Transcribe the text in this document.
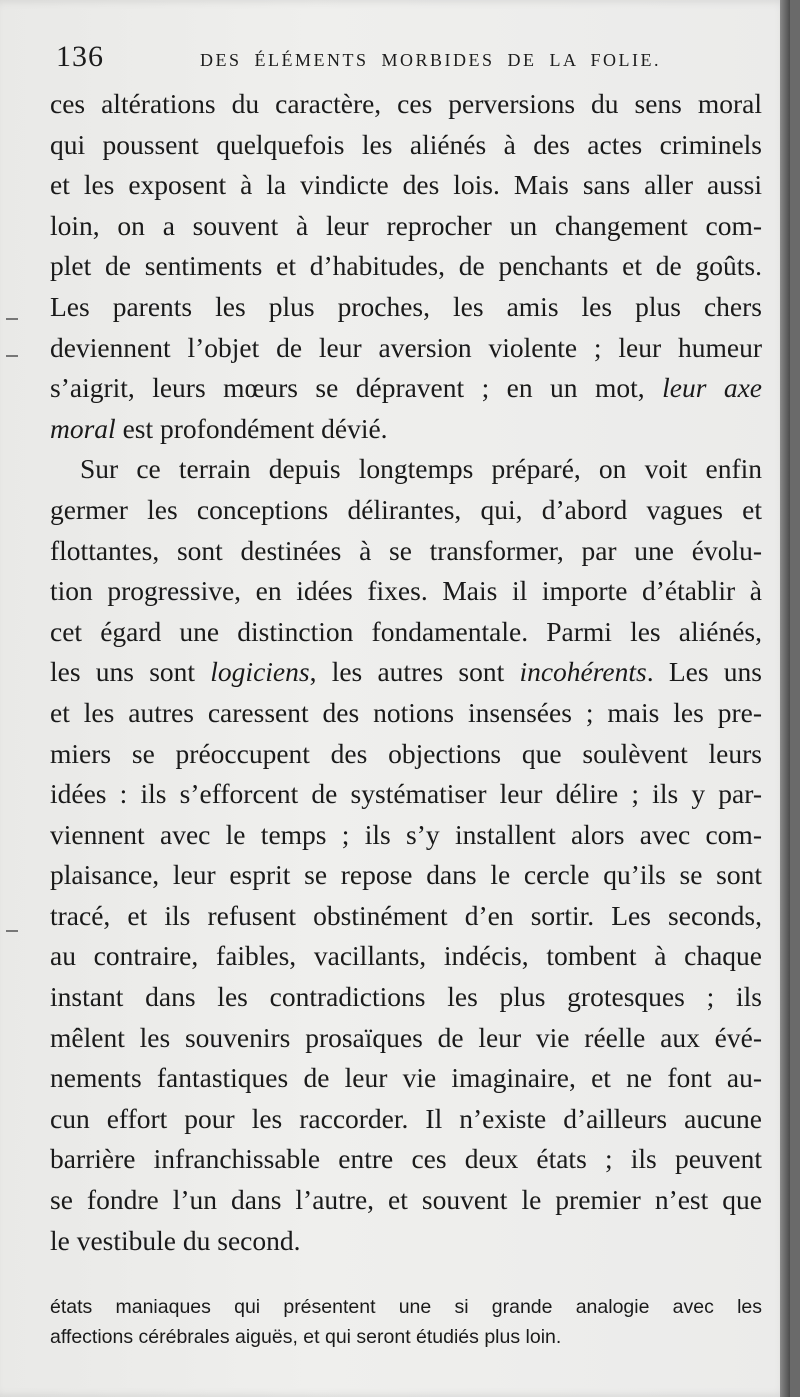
136	DES ÉLÉMENTS MORBIDES DE LA FOLIE.
ces altérations du caractère, ces perversions du sens moral
qui poussent quelquefois les aliénés à des actes criminels
et les exposent à la vindicte des lois. Mais sans aller aussi
loin, on a souvent à leur reprocher un changement com-
plet de sentiments et d’habitudes, de penchants et de goûts.
Les parents les plus proches, les amis les plus chers
deviennent l’objet de leur aversion violente ; leur humeur
s’aigrit, leurs mœurs se dépravent ; en un mot, leur axe
moral est profondément dévié.
Sur ce terrain depuis longtemps préparé, on voit enfin
germer les conceptions délirantes, qui, d’abord vagues et
flottantes, sont destinées à se transformer, par une évolu-
tion progressive, en idées fixes. Mais il importe d’établir à
cet égard une distinction fondamentale. Parmi les aliénés,
les uns sont logiciens, les autres sont incohérents. Les uns
et les autres caressent des notions insensées ; mais les pre-
miers se préoccupent des objections que soulèvent leurs
idées : ils s’efforcent de systématiser leur délire ; ils y par-
viennent avec le temps ; ils s’y installent alors avec com-
plaisance, leur esprit se repose dans le cercle qu’ils se sont
tracé, et ils refusent obstinément d’en sortir. Les seconds,
au contraire, faibles, vacillants, indécis, tombent à chaque
instant dans les contradictions les plus grotesques ; ils
mêlent les souvenirs prosaïques de leur vie réelle aux évé-
nements fantastiques de leur vie imaginaire, et ne font au-
cun effort pour les raccorder. Il n’existe d’ailleurs aucune
barrière infranchissable entre ces deux états ; ils peuvent
se fondre l’un dans l’autre, et souvent le premier n’est que
le vestibule du second.
états maniaques qui présentent une si grande analogie avec les
affections cérébrales aiguës, et qui seront étudiés plus loin.
